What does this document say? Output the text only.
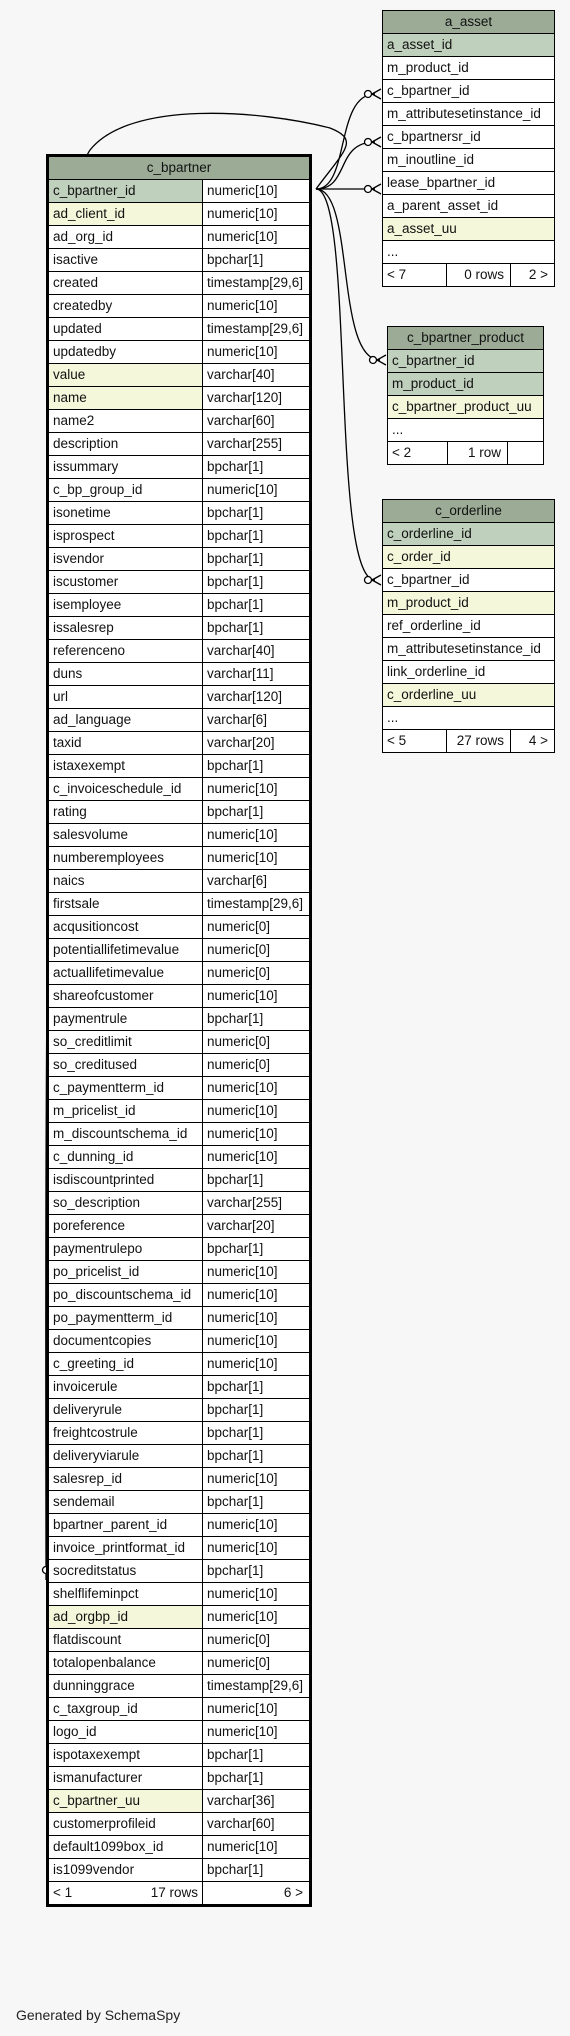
c_bpartner	
c_bpartner_id	numeric[10]
ad_client_id	numeric[10]
ad_org_id	numeric[10]
isactive	bpchar[1]
created	timestamp[29,6]
createdby	numeric[10]
updated	timestamp[29,6]
updatedby	numeric[10]
value	varchar[40]
name	varchar[120]
name2	varchar[60]
description	varchar[255]
issummary	bpchar[1]
c_bp_group_id	numeric[10]
isonetime	bpchar[1]
isprospect	bpchar[1]
isvendor	bpchar[1]
iscustomer	bpchar[1]
isemployee	bpchar[1]
issalesrep	bpchar[1]
referenceno	varchar[40]
duns	varchar[11]
url	varchar[120]
ad_language	varchar[6]
taxid	varchar[20]
istaxexempt	bpchar[1]
c_invoiceschedule_id	numeric[10]
rating	bpchar[1]
salesvolume	numeric[10]
numberemployees	numeric[10]
naics	varchar[6]
firstsale	timestamp[29,6]
acqusitioncost	numeric[0]
potentiallifetimevalue	numeric[0]
actuallifetimevalue	numeric[0]
shareofcustomer	numeric[10]
paymentrule	bpchar[1]
so_creditlimit	numeric[0]
so_creditused	numeric[0]
c_paymentterm_id	numeric[10]
m_pricelist_id	numeric[10]
m_discountschema_id	numeric[10]
c_dunning_id	numeric[10]
isdiscountprinted	bpchar[1]
so_description	varchar[255]
poreference	varchar[20]
paymentrulepo	bpchar[1]
po_pricelist_id	numeric[10]
po_discountschema_id	numeric[10]
po_paymentterm_id	numeric[10]
documentcopies	numeric[10]
c_greeting_id	numeric[10]
invoicerule	bpchar[1]
deliveryrule	bpchar[1]
freightcostrule	bpchar[1]
deliveryviarule	bpchar[1]
salesrep_id	numeric[10]
sendemail	bpchar[1]
bpartner_parent_id	numeric[10]
invoice_printformat_id	numeric[10]
socreditstatus	bpchar[1]
shelflifeminpct	numeric[10]
ad_orgbp_id	numeric[10]
flatdiscount	numeric[0]
totalopenbalance	numeric[0]
dunninggrace	timestamp[29,6]
c_taxgroup_id	numeric[10]
logo_id	numeric[10]
ispotaxexempt	bpchar[1]
ismanufacturer	bpchar[1]
c_bpartner_uu	varchar[36]
customerprofileid	varchar[60]
default1099box_id	numeric[10]
is1099vendor	bpchar[1]
< 1 17 rows	6 >
a_asset
a_asset_id
m_product_id
c_bpartner_id
m_attributesetinstance_id
c_bpartnersr_id
m_inoutline_id
lease_bpartner_id
a_parent_asset_id
a_asset_uu
...
< 7	0 rows	2 >
c_bpartner_product
c_bpartner_id
m_product_id
c_bpartner_product_uu
...
< 2	1 row	
c_orderline
c_orderline_id
c_order_id
c_bpartner_id
m_product_id
ref_orderline_id
m_attributesetinstance_id
link_orderline_id
c_orderline_uu
...
< 5	27 rows	4 >
Generated by SchemaSpy
